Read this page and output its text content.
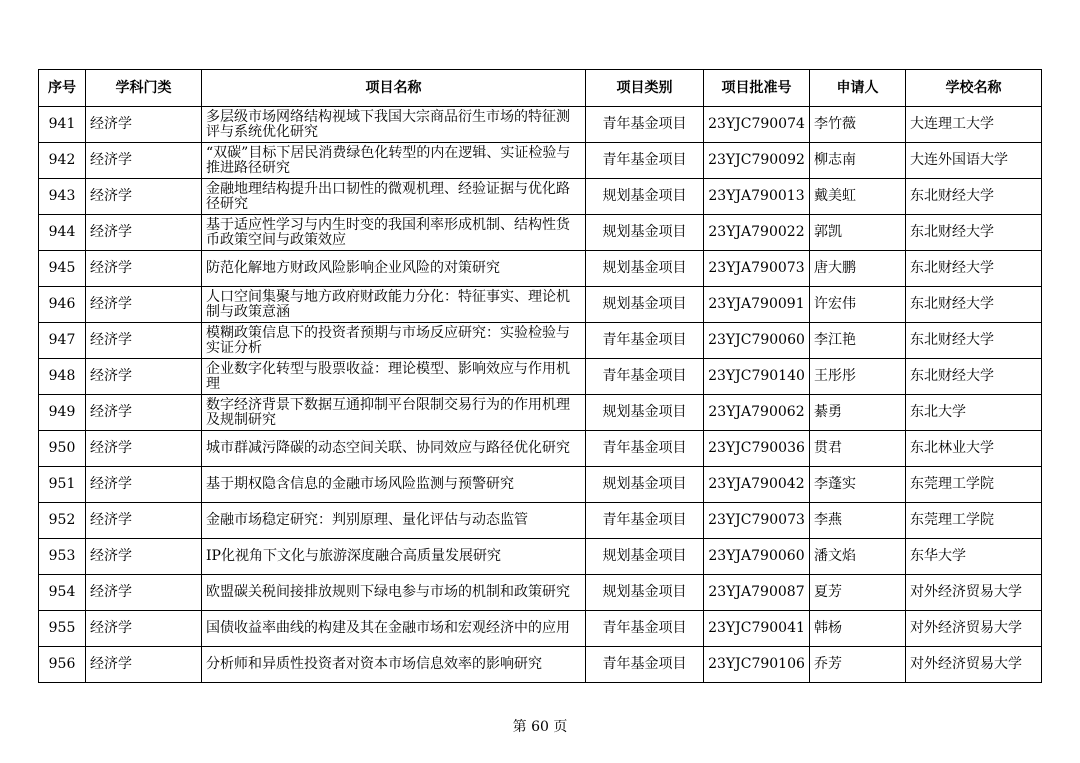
序号	学科门类	项目名称	项目类别	项目批准号	申请人	学校名称
941	经济学	多层级市场网络结构视域下我国大宗商品衍生市场的特征测评与系统优化研究	青年基金项目	23YJC790074	李竹薇	大连理工大学
942	经济学	“双碳”目标下居民消费绿色化转型的内在逻辑、实证检验与推进路径研究	青年基金项目	23YJC790092	柳志南	大连外国语大学
943	经济学	金融地理结构提升出口韧性的微观机理、经验证据与优化路径研究	规划基金项目	23YJA790013	戴美虹	东北财经大学
944	经济学	基于适应性学习与内生时变的我国利率形成机制、结构性货币政策空间与政策效应	规划基金项目	23YJA790022	郭凯	东北财经大学
945	经济学	防范化解地方财政风险影响企业风险的对策研究	规划基金项目	23YJA790073	唐大鹏	东北财经大学
946	经济学	人口空间集聚与地方政府财政能力分化：特征事实、理论机制与政策意涵	规划基金项目	23YJA790091	许宏伟	东北财经大学
947	经济学	模糊政策信息下的投资者预期与市场反应研究：实验检验与实证分析	青年基金项目	23YJC790060	李江艳	东北财经大学
948	经济学	企业数字化转型与股票收益：理论模型、影响效应与作用机理	青年基金项目	23YJC790140	王彤彤	东北财经大学
949	经济学	数字经济背景下数据互通抑制平台限制交易行为的作用机理及规制研究	规划基金项目	23YJA790062	綦勇	东北大学
950	经济学	城市群减污降碳的动态空间关联、协同效应与路径优化研究	青年基金项目	23YJC790036	贯君	东北林业大学
951	经济学	基于期权隐含信息的金融市场风险监测与预警研究	规划基金项目	23YJA790042	李蓬实	东莞理工学院
952	经济学	金融市场稳定研究：判别原理、量化评估与动态监管	青年基金项目	23YJC790073	李燕	东莞理工学院
953	经济学	IP化视角下文化与旅游深度融合高质量发展研究	规划基金项目	23YJA790060	潘文焰	东华大学
954	经济学	欧盟碳关税间接排放规则下绿电参与市场的机制和政策研究	规划基金项目	23YJA790087	夏芳	对外经济贸易大学
955	经济学	国债收益率曲线的构建及其在金融市场和宏观经济中的应用	青年基金项目	23YJC790041	韩杨	对外经济贸易大学
956	经济学	分析师和异质性投资者对资本市场信息效率的影响研究	青年基金项目	23YJC790106	乔芳	对外经济贸易大学
第 60 页
